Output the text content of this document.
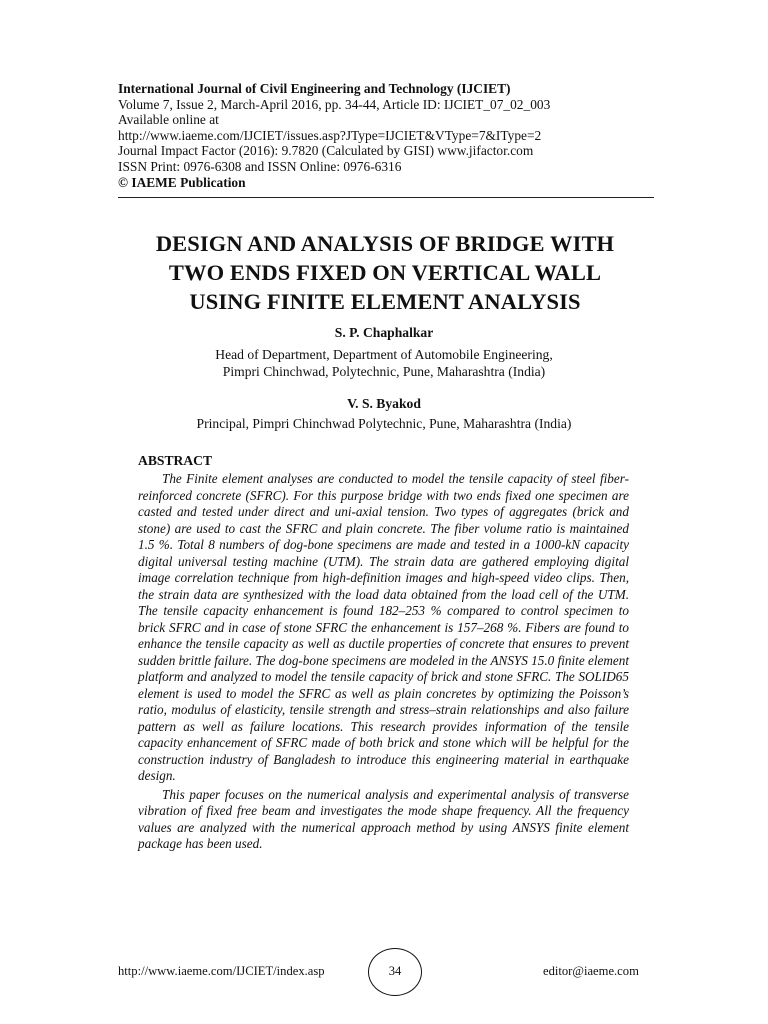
International Journal of Civil Engineering and Technology (IJCIET)
Volume 7, Issue 2, March-April 2016, pp. 34-44, Article ID: IJCIET_07_02_003
Available online at
http://www.iaeme.com/IJCIET/issues.asp?JType=IJCIET&VType=7&IType=2
Journal Impact Factor (2016): 9.7820 (Calculated by GISI) www.jifactor.com
ISSN Print: 0976-6308 and ISSN Online: 0976-6316
© IAEME Publication
DESIGN AND ANALYSIS OF BRIDGE WITH
TWO ENDS FIXED ON VERTICAL WALL
USING FINITE ELEMENT ANALYSIS
S. P. Chaphalkar
Head of Department, Department of Automobile Engineering,
Pimpri Chinchwad, Polytechnic, Pune, Maharashtra (India)
V. S. Byakod
Principal, Pimpri Chinchwad Polytechnic, Pune, Maharashtra (India)
ABSTRACT

The Finite element analyses are conducted to model the tensile capacity of steel fiber-reinforced concrete (SFRC). For this purpose bridge with two ends fixed one specimen are casted and tested under direct and uni-axial tension. Two types of aggregates (brick and stone) are used to cast the SFRC and plain concrete. The fiber volume ratio is maintained 1.5 %. Total 8 numbers of dog-bone specimens are made and tested in a 1000-kN capacity digital universal testing machine (UTM). The strain data are gathered employing digital image correlation technique from high-definition images and high-speed video clips. Then, the strain data are synthesized with the load data obtained from the load cell of the UTM. The tensile capacity enhancement is found 182–253 % compared to control specimen to brick SFRC and in case of stone SFRC the enhancement is 157–268 %. Fibers are found to enhance the tensile capacity as well as ductile properties of concrete that ensures to prevent sudden brittle failure. The dog-bone specimens are modeled in the ANSYS 15.0 finite element platform and analyzed to model the tensile capacity of brick and stone SFRC. The SOLID65 element is used to model the SFRC as well as plain concretes by optimizing the Poisson’s ratio, modulus of elasticity, tensile strength and stress–strain relationships and also failure pattern as well as failure locations. This research provides information of the tensile capacity enhancement of SFRC made of both brick and stone which will be helpful for the construction industry of Bangladesh to introduce this engineering material in earthquake design.

This paper focuses on the numerical analysis and experimental analysis of transverse vibration of fixed free beam and investigates the mode shape frequency. All the frequency values are analyzed with the numerical approach method by using ANSYS finite element package has been used.

http://www.iaeme.com/IJCIET/index.asp	34	editor@iaeme.com
